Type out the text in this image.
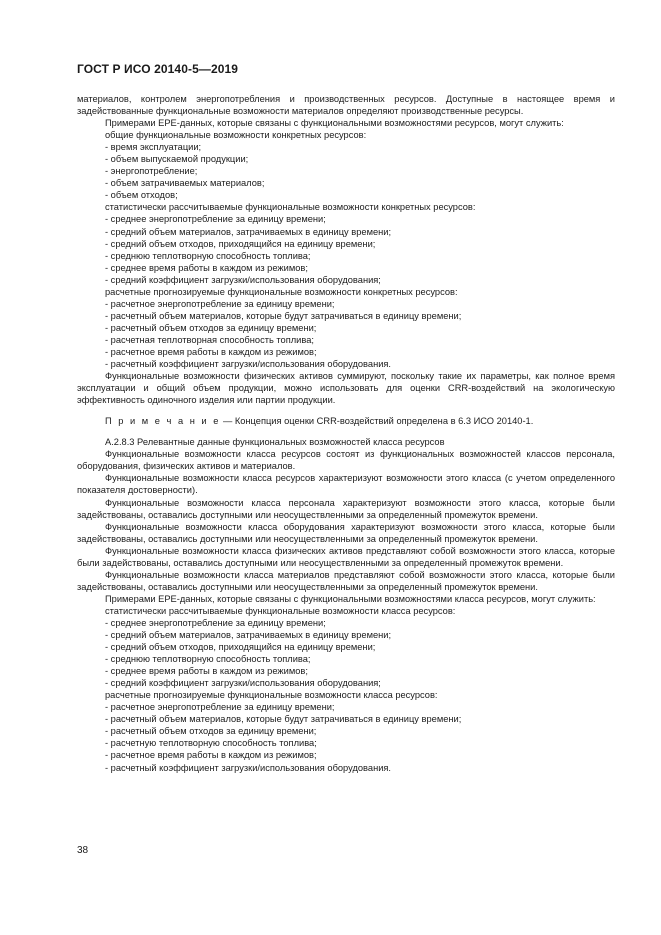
ГОСТ Р ИСО 20140-5—2019
материалов, контролем энергопотребления и производственных ресурсов. Доступные в настоящее время и задействованные функциональные возможности материалов определяют производственные ресурсы.
Примерами EPE-данных, которые связаны с функциональными возможностями ресурсов, могут служить:
общие функциональные возможности конкретных ресурсов:
- время эксплуатации;
- объем выпускаемой продукции;
- энергопотребление;
- объем затрачиваемых материалов;
- объем отходов;
статистически рассчитываемые функциональные возможности конкретных ресурсов:
- среднее энергопотребление за единицу времени;
- средний объем материалов, затрачиваемых в единицу времени;
- средний объем отходов, приходящийся на единицу времени;
- среднюю теплотворную способность топлива;
- среднее время работы в каждом из режимов;
- средний коэффициент загрузки/использования оборудования;
расчетные прогнозируемые функциональные возможности конкретных ресурсов:
- расчетное энергопотребление за единицу времени;
- расчетный объем материалов, которые будут затрачиваться в единицу времени;
- расчетный объем отходов за единицу времени;
- расчетная теплотворная способность топлива;
- расчетное время работы в каждом из режимов;
- расчетный коэффициент загрузки/использования оборудования.
Функциональные возможности физических активов суммируют, поскольку такие их параметры, как полное время эксплуатации и общий объем продукции, можно использовать для оценки CRR-воздействий на экологическую эффективность одиночного изделия или партии продукции.
П р и м е ч а н и е — Концепция оценки CRR-воздействий определена в 6.3 ИСО 20140-1.
А.2.8.3 Релевантные данные функциональных возможностей класса ресурсов
Функциональные возможности класса ресурсов состоят из функциональных возможностей классов персонала, оборудования, физических активов и материалов.
Функциональные возможности класса ресурсов характеризуют возможности этого класса (с учетом определенного показателя достоверности).
Функциональные возможности класса персонала характеризуют возможности этого класса, которые были задействованы, оставались доступными или неосуществленными за определенный промежуток времени.
Функциональные возможности класса оборудования характеризуют возможности этого класса, которые были задействованы, оставались доступными или неосуществленными за определенный промежуток времени.
Функциональные возможности класса физических активов представляют собой возможности этого класса, которые были задействованы, оставались доступными или неосуществленными за определенный промежуток времени.
Функциональные возможности класса материалов представляют собой возможности этого класса, которые были задействованы, оставались доступными или неосуществленными за определенный промежуток времени.
Примерами EPE-данных, которые связаны с функциональными возможностями класса ресурсов, могут служить:
статистически рассчитываемые функциональные возможности класса ресурсов:
- среднее энергопотребление за единицу времени;
- средний объем материалов, затрачиваемых в единицу времени;
- средний объем отходов, приходящийся на единицу времени;
- среднюю теплотворную способность топлива;
- среднее время работы в каждом из режимов;
- средний коэффициент загрузки/использования оборудования;
расчетные прогнозируемые функциональные возможности класса ресурсов:
- расчетное энергопотребление за единицу времени;
- расчетный объем материалов, которые будут затрачиваться в единицу времени;
- расчетный объем отходов за единицу времени;
- расчетную теплотворную способность топлива;
- расчетное время работы в каждом из режимов;
- расчетный коэффициент загрузки/использования оборудования.
38
